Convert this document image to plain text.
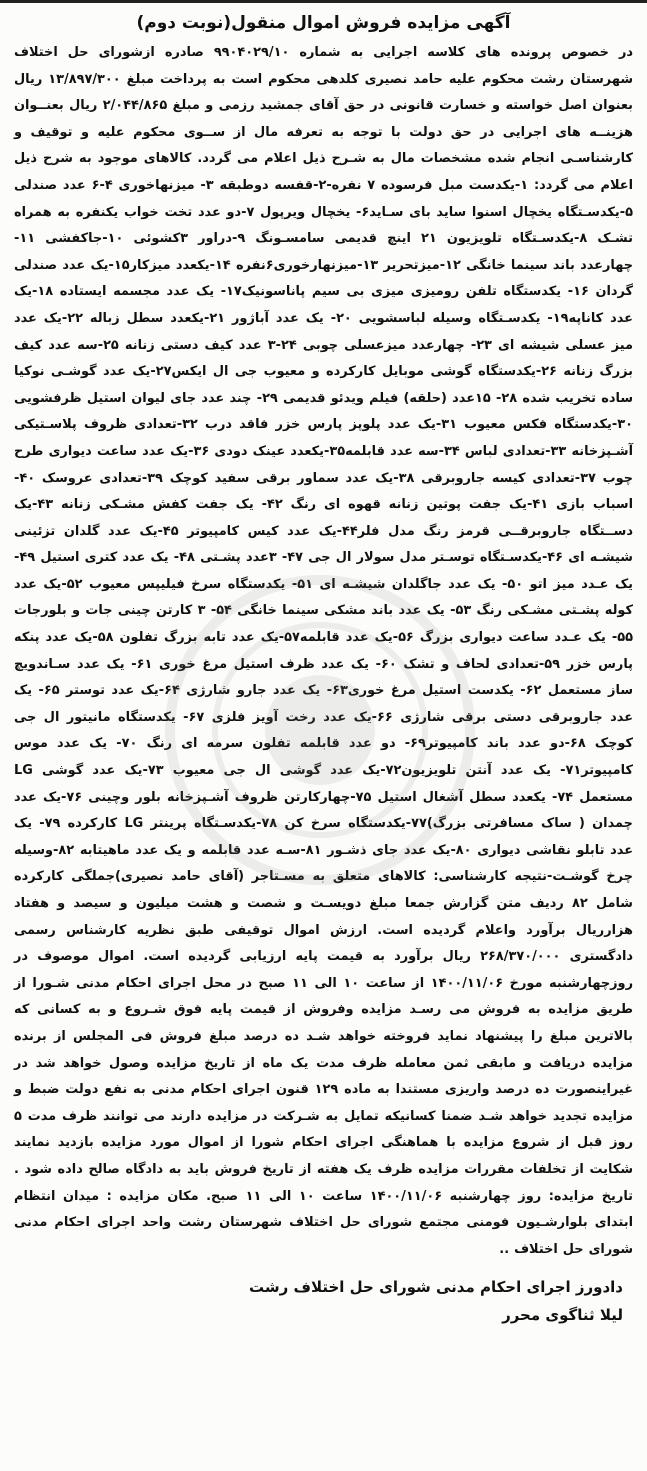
آگهی مزایده فروش اموال منقول(نوبت دوم)
در خصوص پرونده های کلاسه اجرایی به شماره ۹۹۰۴۰۲۹/۱۰ صادره ازشورای حل اختلاف شهرستان رشت محکوم علیه حامد نصیری کلدهی محکوم است به پرداخت مبلغ ۱۳/۸۹۷/۳۰۰ ریال بعنوان اصل خواسته و خسارت قانونی در حق آقای جمشید رزمی و مبلغ ۲/۰۴۴/۸۶۵ ریال بعنــوان هزینــه های اجرایی در حق دولت با توجه به تعرفه مال از ســوی محکوم علیه و توقیف و کارشناسـی انجام شده مشخصات مال به شـرح ذیل اعلام می گردد. کالاهای موجود به شرح ذیل اعلام می گردد: ۱-یکدست مبل فرسوده ۷ نفره-۲-قفسه دوطبقه ۳- میزنهاخوری ۴-۶ عدد صندلی ۵-یکدسـتگاه یخچال اسنوا ساید بای سـاید۶- یخچال ویرپول ۷-دو عدد تخت خواب یکنفره به همراه تشـک ۸-یکدسـتگاه تلویزیون ۲۱ اینچ قدیمی سامسـونگ ۹-دراور ۳کشوئی ۱۰-جاکفشی ۱۱-چهارعدد باند سینما خانگی ۱۲-میزتحریر ۱۳-میزنهارخوری۶نفره ۱۴-یکعدد میزکار۱۵-یک عدد صندلی گردان ۱۶- یکدستگاه تلفن رومیزی میزی بی سیم پاناسونیک۱۷- یک عدد مجسمه ایستاده ۱۸-یک عدد کاناپه۱۹- یکدسـتگاه وسیله لباسشویی ۲۰- یک عدد آباژور ۲۱-یکعدد سطل زباله ۲۲-یک عدد میز عسلی شیشه ای ۲۳- چهارعدد میزعسلی چوبی ۲۴-۳ عدد کیف دستی زنانه ۲۵-سه عدد کیف بزرگ زنانه ۲۶-یکدستگاه گوشی موبایل کارکرده و معیوب جی ال ایکس۲۷-یک عدد گوشـی نوکیا ساده تخریب شده ۲۸- ۱۵عدد (حلقه) فیلم ویدئو قدیمی ۲۹- چند عدد جای لیوان استیل ظرفشویی ۳۰-یکدستگاه فکس معیوب ۳۱-یک عدد پلوپز پارس خزر فاقد درب ۳۲-تعدادی ظروف پلاسـتیکی آشـپزخانه ۳۳-تعدادی لباس ۳۴-سه عدد قابلمه۳۵-یکعدد عینک دودی ۳۶-یک عدد ساعت دیواری طرح چوب ۳۷-تعدادی کیسه جاروبرقی ۳۸-یک عدد سماور برقی سفید کوچک ۳۹-تعدادی عروسک ۴۰- اسباب بازی ۴۱-یک جفت پوتین زنانه قهوه ای رنگ ۴۲- یک جفت کفش مشـکی زنانه ۴۳-یک دســتگاه جاروبرقــی قرمز رنگ مدل فلر۴۴-یک عدد کیس کامپیوتر ۴۵-یک عدد گلدان تزئینی شیشـه ای ۴۶-یکدسـتگاه توسـتر مدل سولار ال جی ۴۷- ۳عدد پشـتی ۴۸- یک عدد کتری استیل ۴۹- یک عـدد میز اتو ۵۰- یک عدد جاگلدان شیشـه ای ۵۱- یکدستگاه سرخ فیلیپس معیوب ۵۲-یک عدد کوله پشـتی مشـکی رنگ ۵۳- یک عدد باند مشکی سینما خانگی ۵۴- ۳ کارتن چینی جات و بلورجات ۵۵- یک عـدد ساعت دیواری بزرگ ۵۶-یک عدد قابلمه۵۷-یک عدد تابه بزرگ تفلون ۵۸-یک عدد پنکه پارس خزر ۵۹-تعدادی لحاف و تشک ۶۰- یک عدد ظرف استیل مرغ خوری ۶۱- یک عدد سـاندویچ ساز مستعمل ۶۲- یکدست استیل مرغ خوری۶۳- یک عدد جارو شارژی ۶۴-یک عدد توستر ۶۵- یک عدد جاروبرقی دستی برقی شارژی ۶۶-یک عدد رخت آویز فلزی ۶۷- یکدستگاه مانیتور ال جی کوچک ۶۸-دو عدد باند کامپیوتر۶۹- دو عدد قابلمه تفلون سرمه ای رنگ ۷۰- یک عدد موس کامپیوتر۷۱- یک عدد آنتن تلویزیون۷۲-یک عدد گوشی ال جی معیوب ۷۳-یک عدد گوشی LG مستعمل ۷۴- یکعدد سطل آشغال استیل ۷۵-چهارکارتن ظروف آشـپزخانه بلور وچینی ۷۶-یک عدد چمدان ( ساک مسافرتی بزرگ)۷۷-یکدستگاه سرخ کن ۷۸-یکدسـتگاه پرینتر LG کارکرده ۷۹- یک عدد تابلو نقاشی دیواری ۸۰-یک عدد جای ذشـور ۸۱-سـه عدد قابلمه و یک عدد ماهیتابه ۸۲-وسیله چرخ گوشـت-نتیجه کارشناسی: کالاهای متعلق به مسـتاجر (آقای حامد نصیری)جملگی کارکرده شامل ۸۲ ردیف متن گزارش جمعا مبلغ دویسـت و شصت و هشت میلیون و سیصد و هفتاد هزارریال برآورد واعلام گردیده است. ارزش اموال توقیفی طبق نظریه کارشناس رسمی دادگستری ۲۶۸/۳۷۰/۰۰۰ ریال برآورد به قیمت پایه ارزیابی گردیده است. اموال موصوف در روزچهارشنبه مورخ ۱۴۰۰/۱۱/۰۶ از ساعت ۱۰ الی ۱۱ صبح در محل اجرای احکام مدنی شـورا از طریق مزایده به فروش می رسـد مزایده وفروش از قیمت پایه فوق شـروع و به کسانی که بالاترین مبلغ را پیشنهاد نماید فروخته خواهد شـد ده درصد مبلغ فروش فی المجلس از برنده مزایده دریافت و مابقی ثمن معامله ظرف مدت یک ماه از تاریخ مزایده وصول خواهد شد در غیراینصورت ده درصد واریزی مستندا به ماده ۱۲۹ قنون اجرای احکام مدنی به نفع دولت ضبط و مزایده تجدید خواهد شـد ضمنا کسانیکه تمایل به شـرکت در مزایده دارند می توانند ظرف مدت ۵ روز قبل از شروع مزایده با هماهنگی اجرای احکام شورا از اموال مورد مزایده بازدید نمایند شکایت از تخلفات مقررات مزایده ظرف یک هفته از تاریخ فروش باید به دادگاه صالح داده شود . تاریخ مزایده: روز چهارشنبه ۱۴۰۰/۱۱/۰۶ ساعت ۱۰ الی ۱۱ صبح. مکان مزایده : میدان انتظام ابتدای بلوارشـیون فومنی مجتمع شورای حل اختلاف شهرستان رشت واحد اجرای احکام مدنی شورای حل اختلاف ..
دادورز اجرای احکام مدنی شورای حل اختلاف رشت
لیلا ثناگوی محرر
